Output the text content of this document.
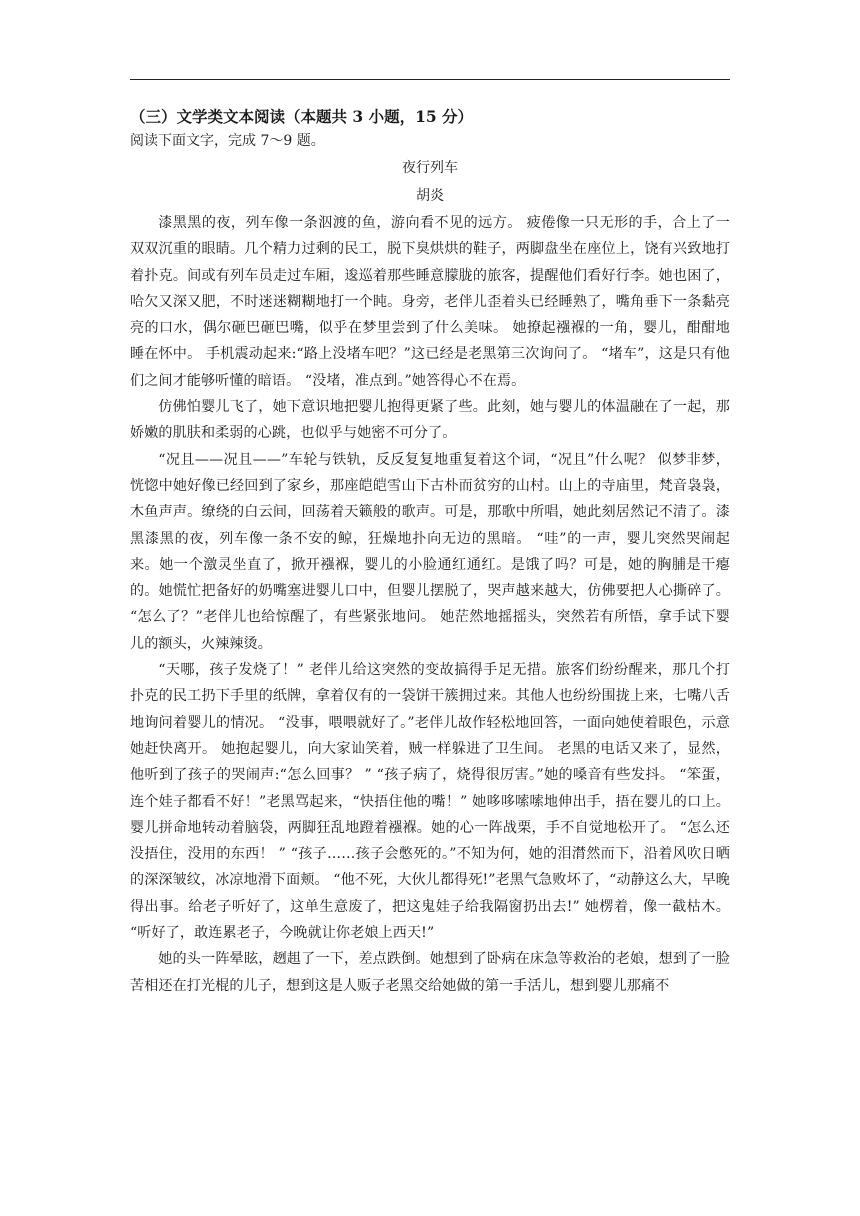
（三）文学类文本阅读（本题共 3 小题，15 分）

阅读下面文字，完成 7～9 题。

夜行列车

胡炎

漆黑黑的夜，列车像一条泅渡的鱼，游向看不见的远方。 疲倦像一只无形的手，合上了一双双沉重的眼睛。几个精力过剩的民工，脱下臭烘烘的鞋子，两脚盘坐在座位上，饶有兴致地打着扑克。间或有列车员走过车厢，逡巡着那些睡意朦胧的旅客，提醒他们看好行李。她也困了，哈欠又深又肥，不时迷迷糊糊地打一个盹。身旁，老伴儿歪着头已经睡熟了，嘴角垂下一条黏亮亮的口水，偶尔砸巴砸巴嘴，似乎在梦里尝到了什么美味。 她撩起襁褓的一角，婴儿，酣酣地睡在怀中。 手机震动起来:“路上没堵车吧？”这已经是老黑第三次询问了。 “堵车”，这是只有他们之间才能够听懂的暗语。 “没堵，准点到。”她答得心不在焉。

仿佛怕婴儿飞了，她下意识地把婴儿抱得更紧了些。此刻，她与婴儿的体温融在了一起，那娇嫩的肌肤和柔弱的心跳，也似乎与她密不可分了。

“况且——况且——”车轮与铁轨，反反复复地重复着这个词，“况且”什么呢？ 似梦非梦，恍惚中她好像已经回到了家乡，那座皑皑雪山下古朴而贫穷的山村。山上的寺庙里，梵音袅袅，木鱼声声。缭绕的白云间，回荡着天籁般的歌声。可是，那歌中所唱，她此刻居然记不清了。漆黑漆黑的夜，列车像一条不安的鲸，狂燥地扑向无边的黑暗。 “哇”的一声，婴儿突然哭闹起来。她一个激灵坐直了，掀开襁褓，婴儿的小脸通红通红。是饿了吗？可是，她的胸脯是干瘪的。她慌忙把备好的奶嘴塞进婴儿口中，但婴儿摆脱了，哭声越来越大，仿佛要把人心撕碎了。 “怎么了？”老伴儿也给惊醒了，有些紧张地问。 她茫然地摇摇头，突然若有所悟，拿手试下婴儿的额头，火辣辣烫。

“天哪，孩子发烧了！” 老伴儿给这突然的变故搞得手足无措。旅客们纷纷醒来，那几个打扑克的民工扔下手里的纸牌，拿着仅有的一袋饼干簇拥过来。其他人也纷纷围拢上来，七嘴八舌地询问着婴儿的情况。 “没事，喂喂就好了。”老伴儿故作轻松地回答，一面向她使着眼色，示意她赶快离开。 她抱起婴儿，向大家讪笑着，贼一样躲进了卫生间。 老黑的电话又来了，显然，他听到了孩子的哭闹声:“怎么回事？ ” “孩子病了，烧得很厉害。”她的嗓音有些发抖。 “笨蛋，连个娃子都看不好！”老黑骂起来，“快捂住他的嘴！” 她哆哆嗦嗦地伸出手，捂在婴儿的口上。婴儿拼命地转动着脑袋，两脚狂乱地蹬着襁褓。她的心一阵战栗，手不自觉地松开了。 “怎么还没捂住，没用的东西！ ” “孩子……孩子会憋死的。”不知为何，她的泪潸然而下，沿着风吹日晒的深深皱纹，冰凉地滑下面颊。 “他不死，大伙儿都得死!”老黑气急败坏了，“动静这么大，早晚得出事。给老子听好了，这单生意废了，把这鬼娃子给我隔窗扔出去!” 她楞着，像一截枯木。 “听好了，敢连累老子，今晚就让你老娘上西天!”

她的头一阵晕眩，趔趄了一下，差点跌倒。她想到了卧病在床急等救治的老娘，想到了一脸苦相还在打光棍的儿子，想到这是人贩子老黑交给她做的第一手活儿，想到婴儿那痛不
